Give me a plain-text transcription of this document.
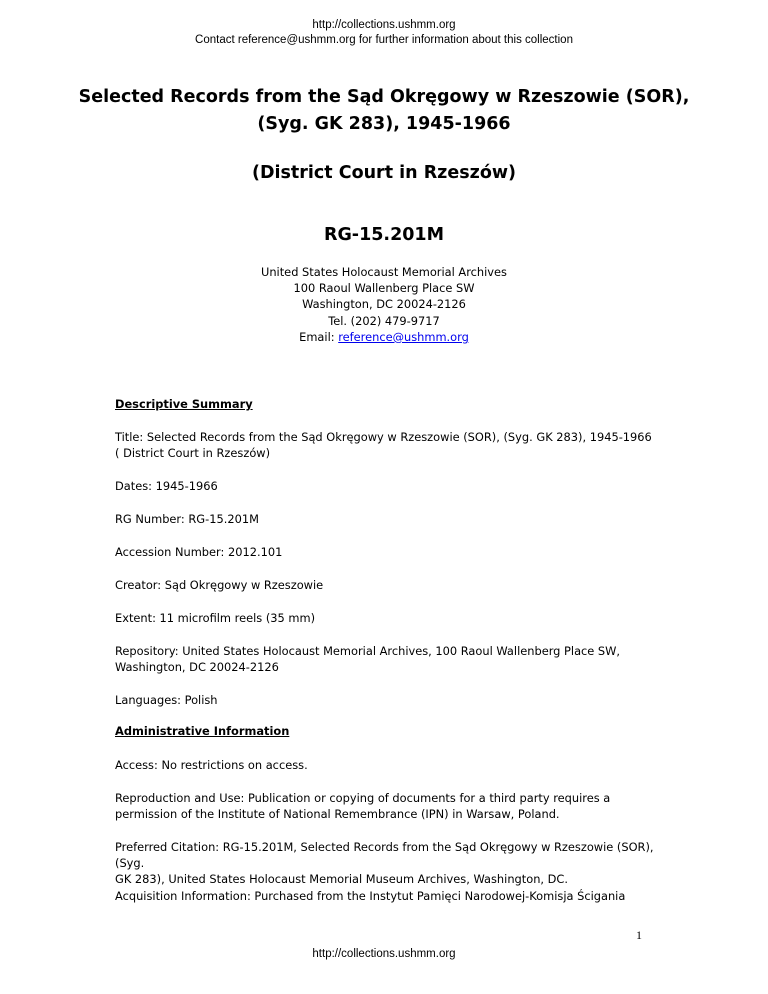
http://collections.ushmm.org
Contact reference@ushmm.org for further information about this collection
Selected Records from the Sąd Okręgowy w Rzeszowie (SOR),
(Syg. GK 283), 1945-1966
(District Court in Rzeszów)
RG-15.201M
United States Holocaust Memorial Archives
100 Raoul Wallenberg Place SW
Washington, DC 20024-2126
Tel. (202) 479-9717
Email: reference@ushmm.org

Descriptive Summary

Title: Selected Records from the Sąd Okręgowy w Rzeszowie (SOR), (Syg. GK 283), 1945-1966

( District Court in Rzeszów)

Dates: 1945-1966

RG Number: RG-15.201M

Accession Number: 2012.101

Creator: Sąd Okręgowy w Rzeszowie

Extent: 11 microfilm reels (35 mm)

Repository: United States Holocaust Memorial Archives, 100 Raoul Wallenberg Place SW,

Washington, DC 20024-2126

Languages: Polish

Administrative Information

Access: No restrictions on access.

Reproduction and Use: Publication or copying of documents for a third party requires a

permission of the Institute of National Remembrance (IPN) in Warsaw, Poland.

Preferred Citation: RG-15.201M, Selected Records from the Sąd Okręgowy w Rzeszowie (SOR), (Syg.

GK 283), United States Holocaust Memorial Museum Archives, Washington, DC.

Acquisition Information: Purchased from the Instytut Pamięci Narodowej-Komisja Ścigania

1
http://collections.ushmm.org
